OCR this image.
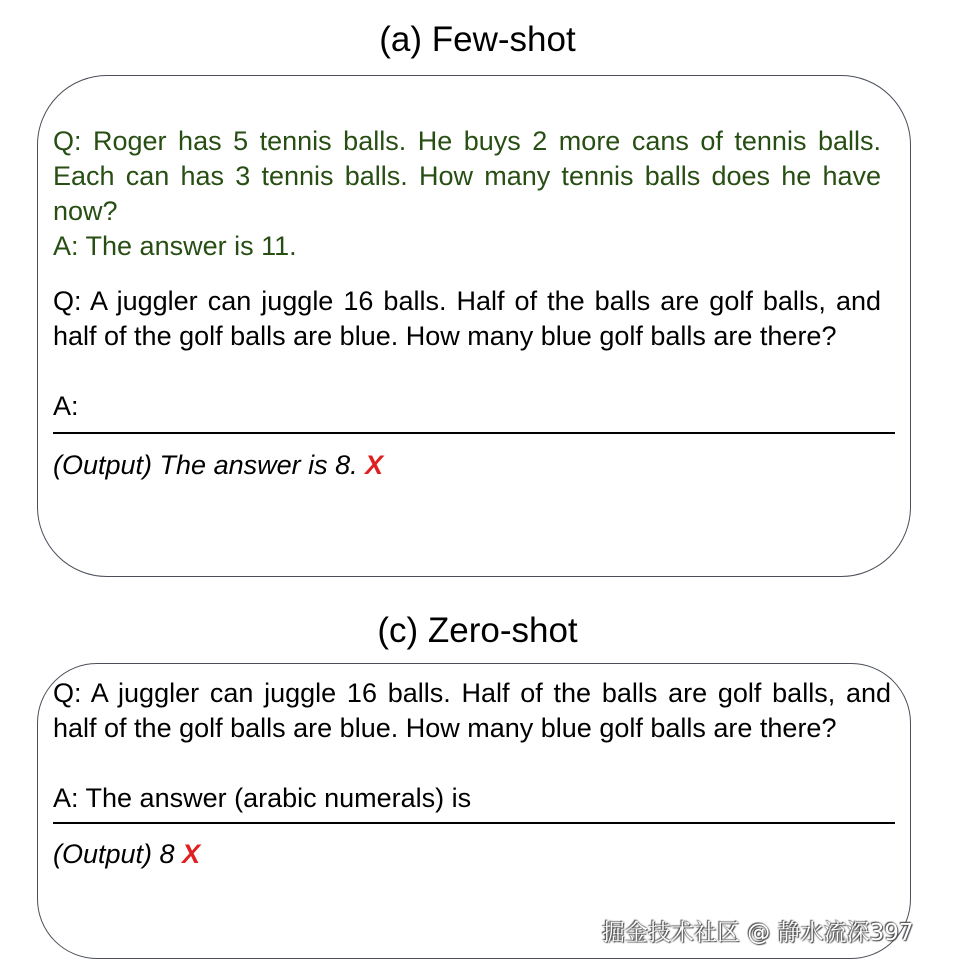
(a) Few-shot
Q: Roger has 5 tennis balls. He buys 2 more cans of tennis balls. Each can has 3 tennis balls. How many tennis balls does he have now?
A: The answer is 11.
Q: A juggler can juggle 16 balls. Half of the balls are golf balls, and half of the golf balls are blue. How many blue golf balls are there?
A:
(Output) The answer is 8. X
(c) Zero-shot
Q: A juggler can juggle 16 balls. Half of the balls are golf balls, and half of the golf balls are blue. How many blue golf balls are there?
A: The answer (arabic numerals) is
(Output) 8 X
掘金技术社区 @ 静水流深397
